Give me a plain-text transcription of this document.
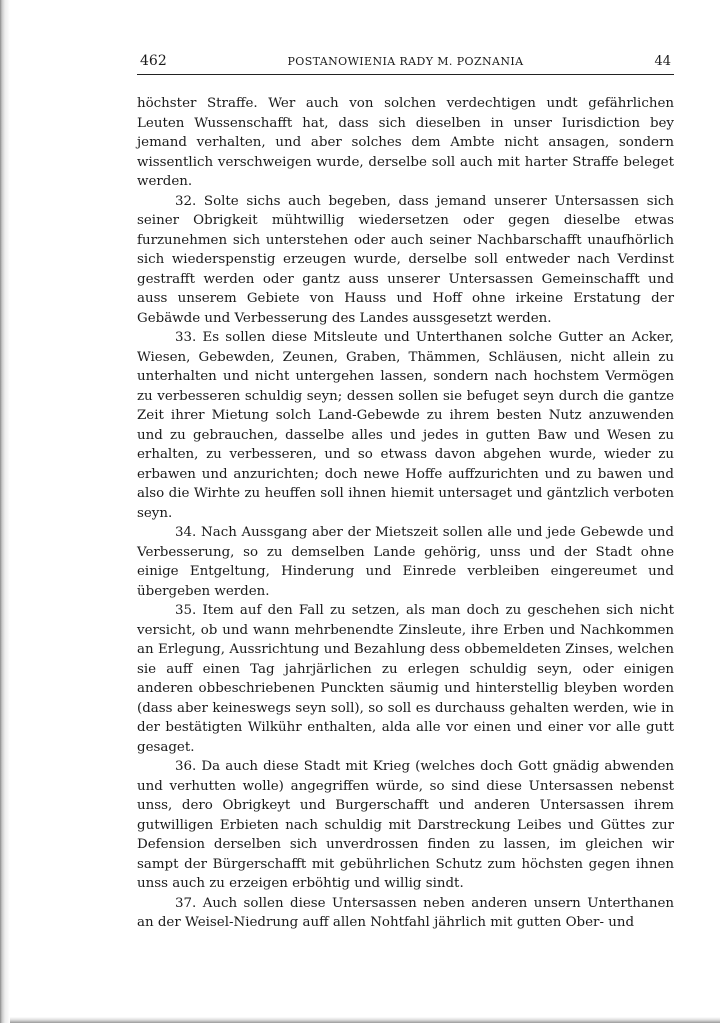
462	POSTANOWIENIA RADY M. POZNANIA	44

höchster Straffe. Wer auch von solchen verdechtigen undt gefährlichen Leuten Wussenschafft hat, dass sich dieselben in unser Iurisdiction bey jemand verhalten, und aber solches dem Ambte nicht ansagen, sondern wissentlich verschweigen wurde, derselbe soll auch mit harter Straffe beleget werden.

32. Solte sichs auch begeben, dass jemand unserer Untersassen sich seiner Obrigkeit mühtwillig wiedersetzen oder gegen dieselbe etwas furzunehmen sich unterstehen oder auch seiner Nachbarschafft unaufhörlich sich wiederspenstig erzeugen wurde, derselbe soll entweder nach Verdinst gestrafft werden oder gantz auss unserer Untersassen Gemeinschafft und auss unserem Gebiete von Hauss und Hoff ohne irkeine Erstatung der Gebäwde und Verbesserung des Landes aussgesetzt werden.

33. Es sollen diese Mitsleute und Unterthanen solche Gutter an Acker, Wiesen, Gebewden, Zeunen, Graben, Thämmen, Schläusen, nicht allein zu unterhalten und nicht untergehen lassen, sondern nach hochstem Vermögen zu verbesseren schuldig seyn; dessen sollen sie befuget seyn durch die gantze Zeit ihrer Mietung solch Land-Gebewde zu ihrem besten Nutz anzuwenden und zu gebrauchen, dasselbe alles und jedes in gutten Baw und Wesen zu erhalten, zu verbesseren, und so etwass davon abgehen wurde, wieder zu erbawen und anzurichten; doch newe Hoffe auffzurichten und zu bawen und also die Wirhte zu heuffen soll ihnen hiemit untersaget und gäntzlich verboten seyn.

34. Nach Aussgang aber der Mietszeit sollen alle und jede Gebewde und Verbesserung, so zu demselben Lande gehörig, unss und der Stadt ohne einige Entgeltung, Hinderung und Einrede verbleiben eingereumet und übergeben werden.

35. Item auf den Fall zu setzen, als man doch zu geschehen sich nicht versicht, ob und wann mehrbenendte Zinsleute, ihre Erben und Nachkommen an Erlegung, Aussrichtung und Bezahlung dess obbemeldeten Zinses, welchen sie auff einen Tag jahrjärlichen zu erlegen schuldig seyn, oder einigen anderen obbeschriebenen Punckten säumig und hinterstellig bleyben worden (dass aber keineswegs seyn soll), so soll es durchauss gehalten werden, wie in der bestätigten Wilkühr enthalten, alda alle vor einen und einer vor alle gutt gesaget.

36. Da auch diese Stadt mit Krieg (welches doch Gott gnädig abwenden und verhutten wolle) angegriffen würde, so sind diese Untersassen nebenst unss, dero Obrigkeyt und Burgerschafft und anderen Untersassen ihrem gutwilligen Erbieten nach schuldig mit Darstreckung Leibes und Güttes zur Defension derselben sich unverdrossen finden zu lassen, im gleichen wir sampt der Bürgerschafft mit gebührlichen Schutz zum höchsten gegen ihnen unss auch zu erzeigen erböhtig und willig sindt.

37. Auch sollen diese Untersassen neben anderen unsern Unterthanen an der Weisel-Niedrung auff allen Nohtfahl jährlich mit gutten Ober- und
